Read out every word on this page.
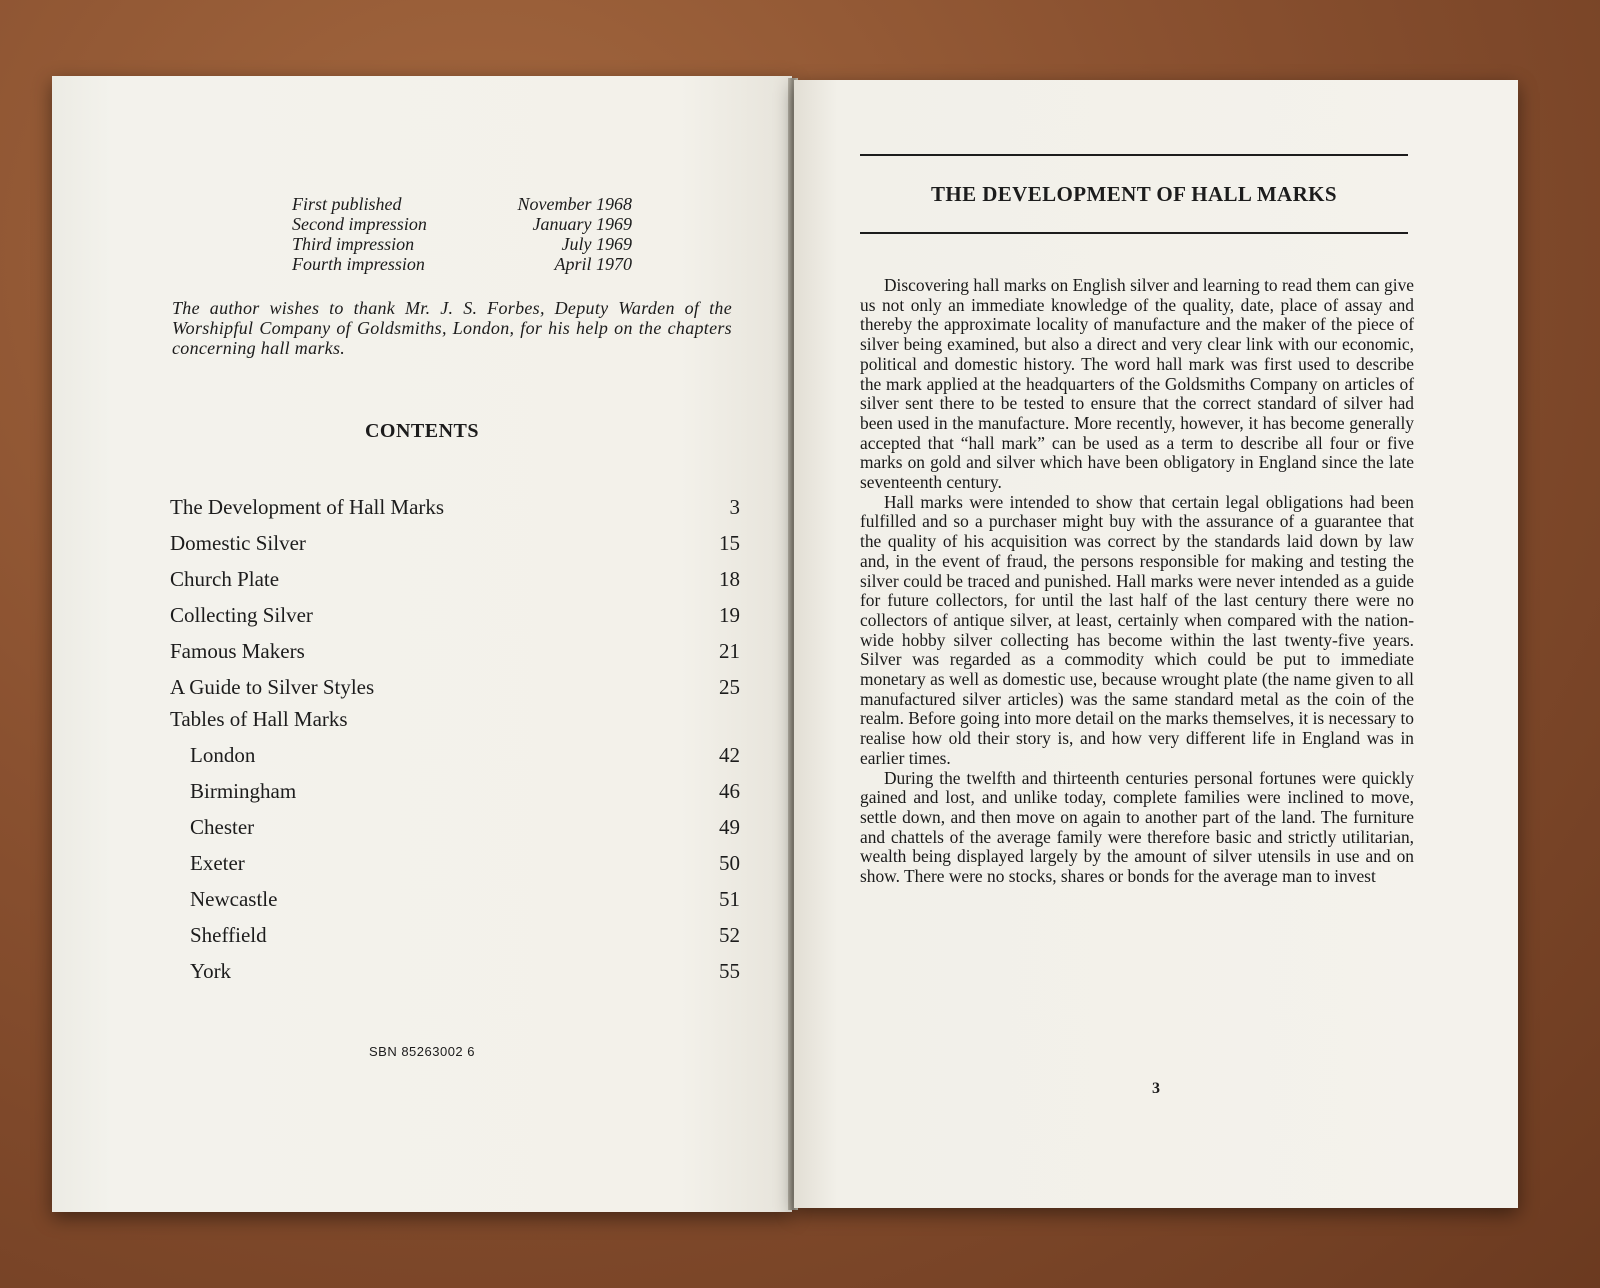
First published	November 1968
Second impression	January 1969
Third impression	July 1969
Fourth impression	April 1970
The author wishes to thank Mr. J. S. Forbes, Deputy Warden of the Worshipful Company of Goldsmiths, London, for his help on the chapters concerning hall marks.
CONTENTS
The Development of Hall Marks	3
Domestic Silver	15
Church Plate	18
Collecting Silver	19
Famous Makers	21
A Guide to Silver Styles	25
Tables of Hall Marks
London	42
Birmingham	46
Chester	49
Exeter	50
Newcastle	51
Sheffield	52
York	55
SBN 85263002 6
THE DEVELOPMENT OF HALL MARKS

Discovering hall marks on English silver and learning to read them can give us not only an immediate knowledge of the quality, date, place of assay and thereby the approximate locality of manufacture and the maker of the piece of silver being examined, but also a direct and very clear link with our economic, political and domestic history. The word hall mark was first used to describe the mark applied at the headquarters of the Goldsmiths Company on articles of silver sent there to be tested to ensure that the correct standard of silver had been used in the manufacture. More recently, however, it has become generally accepted that “hall mark” can be used as a term to describe all four or five marks on gold and silver which have been obligatory in England since the late seventeenth century.

Hall marks were intended to show that certain legal obligations had been fulfilled and so a purchaser might buy with the assurance of a guarantee that the quality of his acquisition was correct by the standards laid down by law and, in the event of fraud, the persons responsible for making and testing the silver could be traced and punished. Hall marks were never intended as a guide for future collectors, for until the last half of the last century there were no collectors of antique silver, at least, certainly when compared with the nation-wide hobby silver collecting has become within the last twenty-five years. Silver was regarded as a commodity which could be put to immediate monetary as well as domestic use, because wrought plate (the name given to all manufactured silver articles) was the same standard metal as the coin of the realm. Before going into more detail on the marks themselves, it is necessary to realise how old their story is, and how very different life in England was in earlier times.

During the twelfth and thirteenth centuries personal fortunes were quickly gained and lost, and unlike today, complete families were inclined to move, settle down, and then move on again to another part of the land. The furniture and chattels of the average family were therefore basic and strictly utilitarian, wealth being displayed largely by the amount of silver utensils in use and on show. There were no stocks, shares or bonds for the average man to invest

3
